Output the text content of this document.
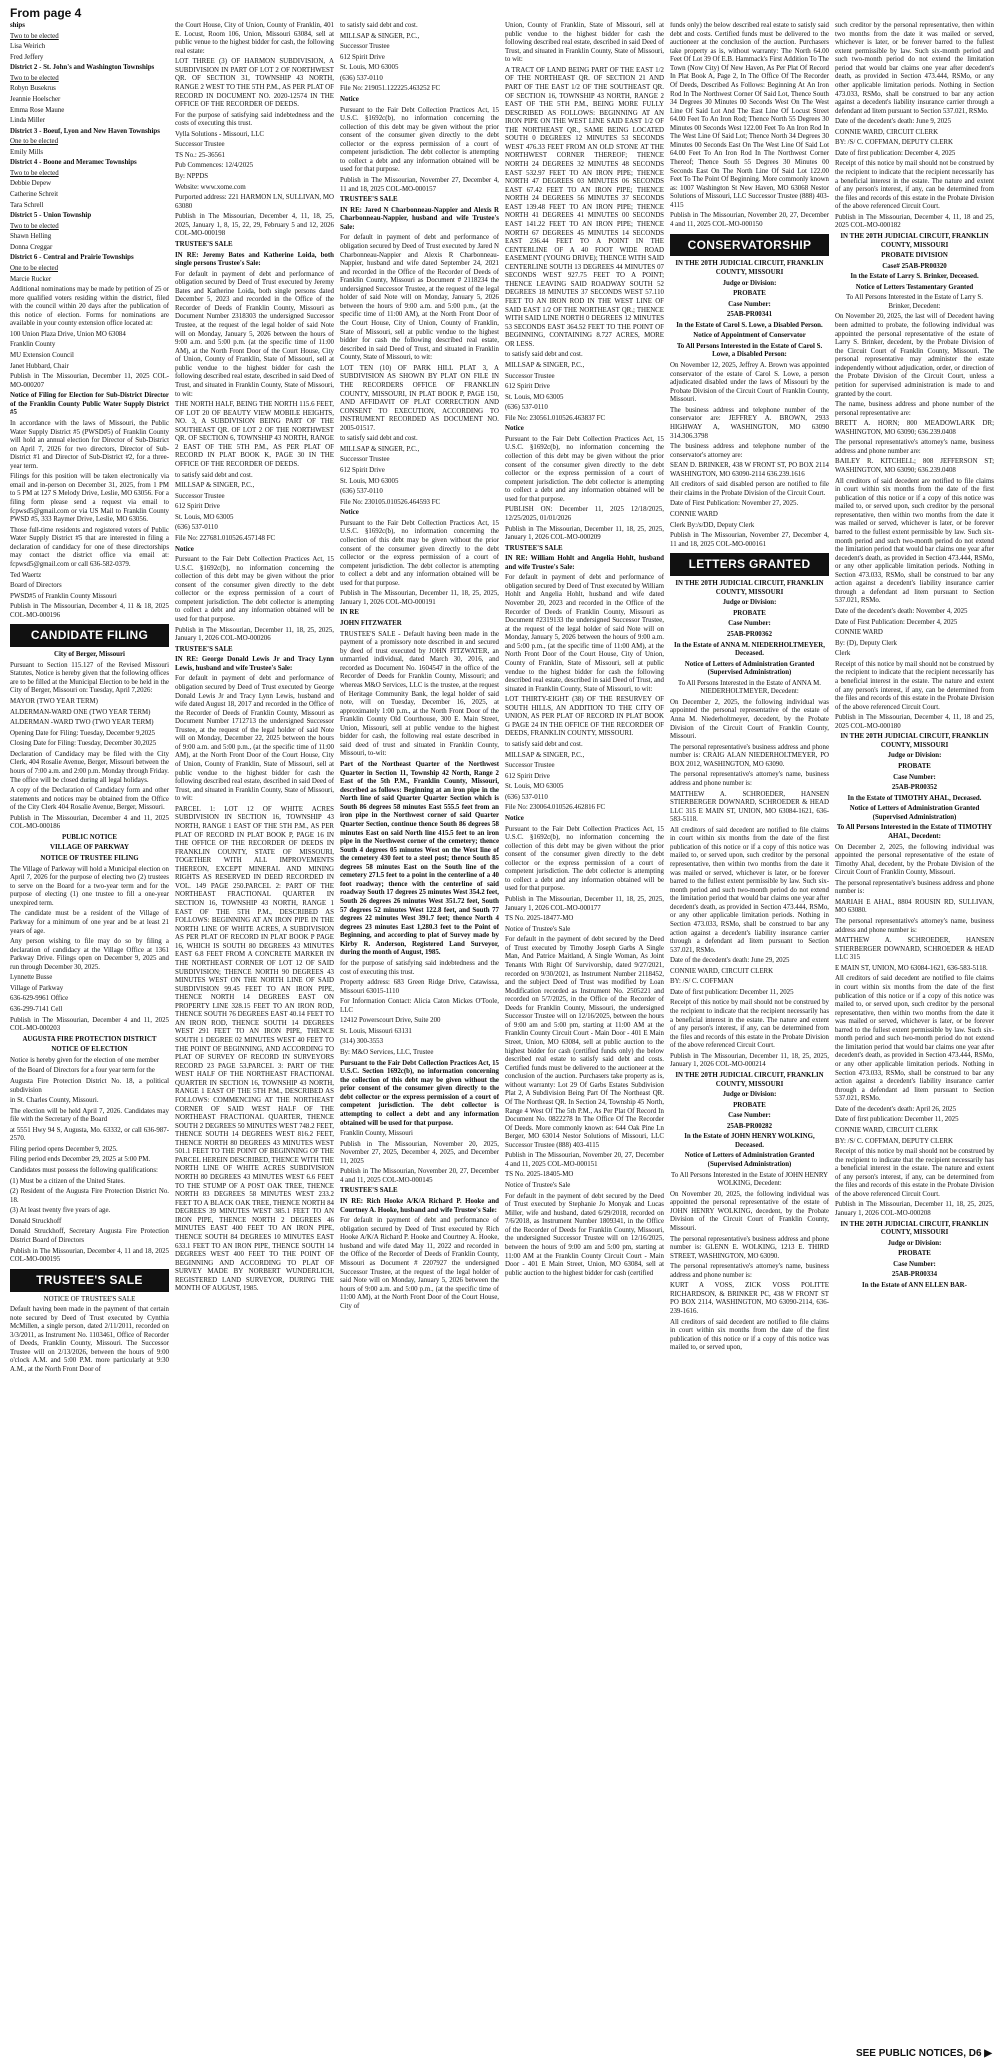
From page 4

ships

Two to be elected

Lisa Weirich

Fred Jeffery

District 2 - St. John's and Washington Townships

Two to be elected

Robyn Busekrus

Jeannie Hoelscher

Emma Rose Maune

Linda Miller

District 3 - Boeuf, Lyon and New Haven Townships

One to be elected

Emily Mills

District 4 - Boone and Meramec Townships

Two to be elected

Debbie Depew

Catherine Schreit

Tara Schrell

District 5 - Union Township

Two to be elected

Shawn Helling

Donna Creggar

District 6 - Central and Prairie Townships

One to be elected

Marcie Rucker

Additional nominations may be made by petition of 25 or more qualified voters residing within the district, filed with the council within 20 days after the publication of this notice of election. Forms for nominations are available in your county extension office located at:

100 Union Plaza Drive, Union MO 63084

Franklin County

MU Extension Council

Janet Hubbard, Chair

Publish in The Missourian, December 11, 2025 COL-MO-000207

Notice of Filing for Election for Sub-District Director of the Franklin County Public Water Supply District #5

In accordance with the laws of Missouri, the Public Water Supply District #5 (PWSD#5) of Franklin County will hold an annual election for Director of Sub-District on April 7, 2026 for two directors, Director of Sub-District #1 and Director of Sub-District #2, for a three-year term.

Filings for this position will be taken electronically via email and in-person on December 31, 2025, from 1 PM to 5 PM at 127 S Melody Drive, Leslie, MO 63056. For a filing form please send a request via email to fcpwsd5@gmail.com or via US Mail to Franklin County PWSD #5, 333 Raymer Drive, Leslie, MO 63056.

Those full-time residents and registered voters of Public Water Supply District #5 that are interested in filing a declaration of candidacy for one of these directorships may contact the district office via email at: fcpwsd5@gmail.com or call 636-582-0379.

Ted Waertz

Board of Directors

PWSD#5 of Franklin County Missouri

Publish in The Missourian, December 4, 11 & 18, 2025 COL-MO-000196

CANDIDATE FILING

City of Berger, Missouri

Pursuant to Section 115.127 of the Revised Missouri Statutes, Notice is hereby given that the following offices are to be filled at the Municipal Election to be held in the City of Berger, Missouri on: Tuesday, April 7,2026:

MAYOR (TWO YEAR TERM)

ALDERMAN-WARD ONE (TWO YEAR TERM)

ALDERMAN -WARD TWO (TWO YEAR TERM)

Opening Date for Filing: Tuesday, December 9,2025

Closing Date for Filing: Tuesday, December 30,2025

Declaration of Candidacy may be filed with the City Clerk, 404 Rosalie Avenue, Berger, Missouri between the hours of 7:00 a.m. and 2:00 p.m. Monday through Friday. The office will be closed during all legal holidays.

A copy of the Declaration of Candidacy form and other statements and notices may be obtained from the Office of the City Clerk 404 Rosalie Avenue, Berger, Missouri.

Publish in The Missourian, December 4 and 11, 2025 COL-MO-000186

PUBLIC NOTICE

VILLAGE OF PARKWAY

NOTICE OF TRUSTEE FILING

The Village of Parkway will hold a Municipal election on April 7, 2026 for the purpose of electing two (2) trustees to serve on the Board for a two-year term and for the purpose of electing (1) one trustee to fill a one-year unexpired term.

The candidate must be a resident of the Village of Parkway for a minimum of one year and be at least 21 years of age.

Any person wishing to file may do so by filing a declaration of candidacy at the Village Office at 1361 Parkway Drive. Filings open on December 9, 2025 and run through December 30, 2025.

Lynnette Busse

Village of Parkway

636-629-9961 Office

636-299-7141 Cell

Publish in The Missourian, December 4 and 11, 2025 COL-MO-000203

AUGUSTA FIRE PROTECTION DISTRICT

NOTICE OF ELECTION

Notice is hereby given for the election of one member

of the Board of Directors for a four year term for the

Augusta Fire Protection District No. 18, a political subdivision

in St. Charles County, Missouri.

The election will be held April 7, 2026. Candidates may file with the Secretary of the Board

at 5551 Hwy 94 S, Augusta, Mo. 63332, or call 636-987-2570.

Filing period opens December 9, 2025.

Filing period ends December 29, 2025 at 5:00 PM.

Candidates must possess the following qualifications:

(1) Must be a citizen of the United States.

(2) Resident of the Augusta Fire Protection District No. 18.

(3) At least twenty five years of age.

Donald Struckhoff

Donald Struckhoff, Secretary Augusta Fire Protection District Board of Directors

Publish in The Missourian, December 4, 11 and 18, 2025 COL-MO-000195

TRUSTEE'S SALE

NOTICE OF TRUSTEE'S SALE

Default having been made in the payment of that certain note secured by Deed of Trust executed by Cynthia McMillen, a single person, dated 2/11/2011, recorded on 3/3/2011, as Instrument No. 1103461, Office of Recorder of Deeds, Franklin County, Missouri. The Successor Trustee will on 2/13/2026, between the hours of 9:00 o'clock A.M. and 5:00 P.M. more particularly at 9:30 A.M., at the North Front Door of

the Court House, City of Union, County of Franklin, 401 E. Locust, Room 106, Union, Missouri 63084, sell at public venue to the highest bidder for cash, the following real estate:

LOT THREE (3) OF HARMON SUBDIVISION, A SUBDIVISION IN PART OF LOT 2 OF NORTHWEST QR. OF SECTION 31, TOWNSHIP 43 NORTH, RANGE 2 WEST TO THE 5TH P.M., AS PER PLAT OF RECORD IN DOCUMENT NO. 2020-12574 IN THE OFFICE OF THE RECORDER OF DEEDS.

For the purpose of satisfying said indebtedness and the costs of executing this trust.

Vylla Solutions - Missouri, LLC

Successor Trustee

TS No.: 25-36561

Pub Commences: 12/4/2025

By: NPPDS

Website: www.xome.com

Purported address: 221 HARMON LN, SULLIVAN, MO 63080

Publish in The Missourian, December 4, 11, 18, 25, 2025, January 1, 8, 15, 22, 29, February 5 and 12, 2026 COL-MO-000198

TRUSTEE'S SALE

IN RE: Jeremy Bates and Katherine Loida, both single persons Trustee's Sale:

For default in payment of debt and performance of obligation secured by Deed of Trust executed by Jeremy Bates and Katherine Loida, both single persons dated December 5, 2023 and recorded in the Office of the Recorder of Deeds of Franklin County, Missouri as Document Number 2318303 the undersigned Successor Trustee, at the request of the legal holder of said Note will on Monday, January 5, 2026 between the hours of 9:00 a.m. and 5:00 p.m. (at the specific time of 11:00 AM), at the North Front Door of the Court House, City of Union, County of Franklin, State of Missouri, sell at public vendue to the highest bidder for cash the following described real estate, described in said Deed of Trust, and situated in Franklin County, State of Missouri, to wit:

THE NORTH HALF, BEING THE NORTH 115.6 FEET, OF LOT 20 OF BEAUTY VIEW MOBILE HEIGHTS, NO. 3, A SUBDIVISION BEING PART OF THE SOUTHEAST QR. OF LOT 2 OF THE NORTHWEST QR. OF SECTION 6, TOWNSHIP 43 NORTH, RANGE 2 EAST OF THE 5TH P.M., AS PER PLAT OF RECORD IN PLAT BOOK K, PAGE 30 IN THE OFFICE OF THE RECORDER OF DEEDS.

to satisfy said debt and cost.

MILLSAP & SINGER, P.C.,

Successor Trustee

612 Spirit Drive

St. Louis, MO 63005

(636) 537-0110

File No: 227681.010526.457148 FC

Notice

Pursuant to the Fair Debt Collection Practices Act, 15 U.S.C. §1692c(b), no information concerning the collection of this debt may be given without the prior consent of the consumer given directly to the debt collector or the express permission of a court of competent jurisdiction. The debt collector is attempting to collect a debt and any information obtained will be used for that purpose.

Publish in The Missourian, December 11, 18, 25, 2025, January 1, 2026 COL-MO-000206

TRUSTEE'S SALE

IN RE: George Donald Lewis Jr and Tracy Lynn Lewis, husband and wife Trustee's Sale:

For default in payment of debt and performance of obligation secured by Deed of Trust executed by George Donald Lewis Jr and Tracy Lynn Lewis, husband and wife dated August 18, 2017 and recorded in the Office of the Recorder of Deeds of Franklin County, Missouri as Document Number 1712713 the undersigned Successor Trustee, at the request of the legal holder of said Note will on Monday, December 22, 2025 between the hours of 9:00 a.m. and 5:00 p.m., (at the specific time of 11:00 AM), at the North Front Door of the Court House, City of Union, County of Franklin, State of Missouri, sell at public vendue to the highest bidder for cash the following described real estate, described in said Deed of Trust, and situated in Franklin County, State of Missouri, to wit:

PARCEL 1: LOT 12 OF WHITE ACRES SUBDIVISION IN SECTION 16, TOWNSHIP 43 NORTH, RANGE 1 EAST OF THE 5TH P.M., AS PER PLAT OF RECORD IN PLAT BOOK P, PAGE 16 IN THE OFFICE OF THE RECORDER OF DEEDS IN FRANKLIN COUNTY, STATE OF MISSOURI, TOGETHER WITH ALL IMPROVEMENTS THEREON, EXCEPT MINERAL AND MINING RIGHTS AS RESERVED IN DEED RECORDED IN VOL. 149 PAGE 250.PARCEL 2: PART OF THE NORTHEAST FRACTIONAL QUARTER IN SECTION 16, TOWNSHIP 43 NORTH, RANGE 1 EAST OF THE 5TH P.M., DESCRIBED AS FOLLOWS: BEGINNING AT AN IRON PIPE IN THE NORTH LINE OF WHITE ACRES, A SUBDIVISION AS PER PLAT OF RECORD IN PLAT BOOK P PAGE 16, WHICH IS SOUTH 80 DEGREES 43 MINUTES EAST 6.8 FEET FROM A CONCRETE MARKER IN THE NORTHEAST CORNER OF LOT 12 OF SAID SUBDIVISION; THENCE NORTH 90 DEGREES 43 MINUTES WEST ON THE NORTH LINE OF SAID SUBDIVISION 99.45 FEET TO AN IRON PIPE, THENCE NORTH 14 DEGREES EAST ON PROPERTY LINE 328.15 FEET TO AN IRON ROD, THENCE SOUTH 76 DEGREES EAST 40.14 FEET TO AN IRON ROD, THENCE SOUTH 14 DEGREES WEST 291 FEET TO AN IRON PIPE, THENCE SOUTH 1 DEGREE 02 MINUTES WEST 40 FEET TO THE POINT OF BEGINNING, AND ACCORDING TO PLAT OF SURVEY OF RECORD IN SURVEYORS RECORD 23 PAGE 53.PARCEL 3: PART OF THE WEST HALF OF THE NORTHEAST FRACTIONAL QUARTER IN SECTION 16, TOWNSHIP 43 NORTH, RANGE 1 EAST OF THE 5TH P.M., DESCRIBED AS FOLLOWS: COMMENCING AT THE NORTHEAST CORNER OF SAID WEST HALF OF THE NORTHEAST FRACTIONAL QUARTER, THENCE SOUTH 2 DEGREES 50 MINUTES WEST 748.2 FEET, THENCE SOUTH 14 DEGREES WEST 816.2 FEET, THENCE NORTH 80 DEGREES 43 MINUTES WEST 501.1 FEET TO THE POINT OF BEGINNING OF THE PARCEL HEREIN DESCRIBED, THENCE WITH THE NORTH LINE OF WHITE ACRES SUBDIVISION NORTH 80 DEGREES 43 MINUTES WEST 6.6 FEET TO THE STUMP OF A POST OAK TREE, THENCE NORTH 83 DEGREES 58 MINUTES WEST 233.2 FEET TO A BLACK OAK TREE, THENCE NORTH 84 DEGREES 39 MINUTES WEST 385.1 FEET TO AN IRON PIPE, THENCE NORTH 2 DEGREES 46 MINUTES EAST 400 FEET TO AN IRON PIPE, THENCE SOUTH 84 DEGREES 10 MINUTES EAST 633.1 FEET TO AN IRON PIPE, THENCE SOUTH 14 DEGREES WEST 400 FEET TO THE POINT OF BEGINNING AND ACCORDING TO PLAT OF SURVEY MADE BY NORBERT WUNDERLICH, REGISTERED LAND SURVEYOR, DURING THE MONTH OF AUGUST, 1985.

to satisfy said debt and cost.

MILLSAP & SINGER, P.C.,

Successor Trustee

612 Spirit Drive

St. Louis, MO 63005

(636) 537-0110

File No: 219051.122225.463252 FC

Notice

Pursuant to the Fair Debt Collection Practices Act, 15 U.S.C. §1692c(b), no information concerning the collection of this debt may be given without the prior consent of the consumer given directly to the debt collector or the express permission of a court of competent jurisdiction. The debt collector is attempting to collect a debt and any information obtained will be used for that purpose.

Publish in The Missourian, November 27, December 4, 11 and 18, 2025 COL-MO-000157

TRUSTEE'S SALE

IN RE: Jared N Charbonneau-Nappier and Alexis R Charbonneau-Nappier, husband and wife Trustee's Sale:

For default in payment of debt and performance of obligation secured by Deed of Trust executed by Jared N Charbonneau-Nappier and Alexis R Charbonneau-Nappier, husband and wife dated September 24, 2021 and recorded in the Office of the Recorder of Deeds of Franklin County, Missouri as Document # 2118234 the undersigned Successor Trustee, at the request of the legal holder of said Note will on Monday, January 5, 2026 between the hours of 9:00 a.m. and 5:00 p.m., (at the specific time of 11:00 AM), at the North Front Door of the Court House, City of Union, County of Franklin, State of Missouri, sell at public vendue to the highest bidder for cash the following described real estate, described in said Deed of Trust, and situated in Franklin County, State of Missouri, to wit:

LOT TEN (10) OF PARK HILL PLAT 3, A SUBDIVISION AS SHOWN BY PLAT ON FILE IN THE RECORDERS OFFICE OF FRANKLIN COUNTY, MISSOURI, IN PLAT BOOK P, PAGE 150, AND AFFIDAVIT OF PLAT CORRECTION AND CONSENT TO EXECUTION, ACCORDING TO INSTRUMENT RECORDED AS DOCUMENT NO. 2005-01517.

to satisfy said debt and cost.

MILLSAP & SINGER, P.C.,

Successor Trustee

612 Spirit Drive

St. Louis, MO 63005

(636) 537-0110

File No: 230105.010526.464593 FC

Notice

Pursuant to the Fair Debt Collection Practices Act, 15 U.S.C. §1692c(b), no information concerning the collection of this debt may be given without the prior consent of the consumer given directly to the debt collector or the express permission of a court of competent jurisdiction. The debt collector is attempting to collect a debt and any information obtained will be used for that purpose.

Publish in The Missourian, December 11, 18, 25, 2025, January 1, 2026 COL-MO-000191

IN RE

JOHN FITZWATER

TRUSTEE'S SALE - Default having been made in the payment of a promissory note described in and secured by deed of trust executed by JOHN FITZWATER, an unmarried individual, dated March 30, 2016, and recorded as Document No. 1604547 in the office of the Recorder of Deeds for Franklin County, Missouri; and whereas M&O Services, LLC is the trustee, at the request of Heritage Community Bank, the legal holder of said note, will on Tuesday, December 16, 2025, at approximately 1:00 p.m., at the North Front Door of the Franklin County Old Courthouse, 300 E. Main Street, Union, Missouri, sell at public vendue to the highest bidder for cash, the following real estate described in said deed of trust and situated in Franklin County, Missouri, to-wit:

Part of the Northeast Quarter of the Northwest Quarter in Section 11, Township 42 North, Range 2 East of the 5th P.M., Franklin County, Missouri, described as follows: Beginning at an iron pipe in the North line of said Quarter Quarter Section which is South 86 degrees 58 minutes East 555.5 feet from an iron pipe in the Northwest corner of said Quarter Quarter Section, continue thence South 86 degrees 58 minutes East on said North line 415.5 feet to an iron pipe in the Northwest corner of the cemetery; thence South 4 degrees 05 minutes West on the West line of the cemetery 430 feet to a steel post; thence South 85 degrees 58 minutes East on the South line of the cemetery 271.5 feet to a point in the centerline of a 40 foot roadway; thence with the centerline of said roadway South 17 degrees 25 minutes West 354.2 feet, South 26 degrees 26 minutes West 351.72 feet, South 57 degrees 52 minutes West 122.8 feet, and South 77 degrees 22 minutes West 391.7 feet; thence North 4 degrees 23 minutes East 1,280.3 feet to the Point of Beginning, and according to plat of Survey made by Kirby R. Anderson, Registered Land Surveyor, during the month of August, 1985.

for the purpose of satisfying said indebtedness and the cost of executing this trust.

Property address: 683 Green Ridge Drive, Catawissa, Missouri 63015-1110

For Information Contact: Alicia Caton Mickes O'Toole, LLC

12412 Powerscourt Drive, Suite 200

St. Louis, Missouri 63131

(314) 300-3553

By: M&O Services, LLC, Trustee

Pursuant to the Fair Debt Collection Practices Act, 15 U.S.C. Section 1692c(b), no information concerning the collection of this debt may be given without the prior consent of the consumer given directly to the debt collector or the express permission of a court of competent jurisdiction. The debt collector is attempting to collect a debt and any information obtained will be used for that purpose.

Franklin County, Missouri

Publish in The Missourian, November 20, 2025, November 27, 2025, December 4, 2025, and December 11, 2025

Publish in The Missourian, November 20, 27, December 4 and 11, 2025 COL-MO-000145

TRUSTEE'S SALE

IN RE: Rich Hooke A/K/A Richard P. Hooke and Courtney A. Hooke, husband and wife Trustee's Sale:

For default in payment of debt and performance of obligation secured by Deed of Trust executed by Rich Hooke A/K/A Richard P. Hooke and Courtney A. Hooke, husband and wife dated May 11, 2022 and recorded in the Office of the Recorder of Deeds of Franklin County, Missouri as Document # 2207927 the undersigned Successor Trustee, at the request of the legal holder of said Note will on Monday, January 5, 2026 between the hours of 9:00 a.m. and 5:00 p.m., (at the specific time of 11:00 AM), at the North Front Door of the Court House, City of

Union, County of Franklin, State of Missouri, sell at public vendue to the highest bidder for cash the following described real estate, described in said Deed of Trust, and situated in Franklin County, State of Missouri, to wit:

A TRACT OF LAND BEING PART OF THE EAST 1/2 OF THE NORTHEAST QR. OF SECTION 21 AND PART OF THE EAST 1/2 OF THE SOUTHEAST QR. OF SECTION 16, TOWNSHIP 43 NORTH, RANGE 2 EAST OF THE 5TH P.M., BEING MORE FULLY DESCRIBED AS FOLLOWS: BEGINNING AT AN IRON PIPE ON THE WEST LINE SAID EAST 1/2 OF THE NORTHEAST QR., SAME BEING LOCATED SOUTH 0 DEGREES 12 MINUTES 53 SECONDS WEST 476.33 FEET FROM AN OLD STONE AT THE NORTHWEST CORNER THEREOF; THENCE NORTH 24 DEGREES 32 MINUTES 48 SECONDS EAST 532.97 FEET TO AN IRON PIPE; THENCE NORTH 47 DEGREES 03 MINUTES 06 SECONDS EAST 67.42 FEET TO AN IRON PIPE; THENCE NORTH 24 DEGREES 56 MINUTES 37 SECONDS EAST 139.48 FEET TO AN IRON PIPE; THENCE NORTH 41 DEGREES 41 MINUTES 00 SECONDS EAST 141.22 FEET TO AN IRON PIPE; THENCE NORTH 67 DEGREES 45 MINUTES 14 SECONDS EAST 236.44 FEET TO A POINT IN THE CENTERLINE OF A 40 FOOT WIDE ROAD EASEMENT (YOUNG DRIVE); THENCE WITH SAID CENTERLINE SOUTH 13 DEGREES 44 MINUTES 07 SECONDS WEST 927.75 FEET TO A POINT; THENCE LEAVING SAID ROADWAY SOUTH 52 DEGREES 18 MINUTES 37 SECONDS WEST 57.110 FEET TO AN IRON ROD IN THE WEST LINE OF SAID EAST 1/2 OF THE NORTHEAST QR.; THENCE WITH SAID LINE NORTH 0 DEGREES 12 MINUTES 53 SECONDS EAST 364.52 FEET TO THE POINT OF BEGINNING, CONTAINING 8.727 ACRES, MORE OR LESS.

to satisfy said debt and cost.

MILLSAP & SINGER, P.C.,

Successor Trustee

612 Spirit Drive

St. Louis, MO 63005

(636) 537-0110

File No: 230561.010526.463837 FC

Notice

Pursuant to the Fair Debt Collection Practices Act, 15 U.S.C. §1692c(b), no information concerning the collection of this debt may be given without the prior consent of the consumer given directly to the debt collector or the express permission of a court of competent jurisdiction. The debt collector is attempting to collect a debt and any information obtained will be used for that purpose.

PUBLISH ON: December 11, 2025 12/18/2025, 12/25/2025, 01/01/2026

Publish in The Missourian, December 11, 18, 25, 2025, January 1, 2026 COL-MO-000209

TRUSTEE'S SALE

IN RE: William Hohlt and Angelia Hohlt, husband and wife Trustee's Sale:

For default in payment of debt and performance of obligation secured by Deed of Trust executed by William Hohlt and Angelia Hohlt, husband and wife dated November 20, 2023 and recorded in the Office of the Recorder of Deeds of Franklin County, Missouri as Document #2319133 the undersigned Successor Trustee, at the request of the legal holder of said Note will on Monday, January 5, 2026 between the hours of 9:00 a.m. and 5:00 p.m., (at the specific time of 11:00 AM), at the North Front Door of the Court House, City of Union, County of Franklin, State of Missouri, sell at public vendue to the highest bidder for cash the following described real estate, described in said Deed of Trust, and situated in Franklin County, State of Missouri, to wit:

LOT THIRTY-EIGHT (38) OF THE RESURVEY OF SOUTH HILLS, AN ADDITION TO THE CITY OF UNION, AS PER PLAT OF RECORD IN PLAT BOOK G PAGE 24 IN THE OFFICE OF THE RECORDER OF DEEDS, FRANKLIN COUNTY, MISSOURI.

to satisfy said debt and cost.

MILLSAP & SINGER, P.C.,

Successor Trustee

612 Spirit Drive

St. Louis, MO 63005

(636) 537-0110

File No: 230064.010526.462816 FC

Notice

Pursuant to the Fair Debt Collection Practices Act, 15 U.S.C. §1692c(b), no information concerning the collection of this debt may be given without the prior consent of the consumer given directly to the debt collector or the express permission of a court of competent jurisdiction. The debt collector is attempting to collect a debt and any information obtained will be used for that purpose.

Publish in The Missourian, December 11, 18, 25, 2025, January 1, 2026 COL-MO-000177

TS No. 2025-18477-MO

Notice of Trustee's Sale

For default in the payment of debt secured by the Deed of Trust executed by Timothy Joseph Garbs A Single Man, And Patrice Maitland, A Single Woman, As Joint Tenants With Right Of Survivorship, dated 9/27/2021, recorded on 9/30/2021, as Instrument Number 2118452, and the subject Deed of Trust was modified by Loan Modification recorded as Instrument No. 2505221 and recorded on 5/7/2025, in the Office of the Recorder of Deeds for Franklin County, Missouri, the undersigned Successor Trustee will on 12/16/2025, between the hours of 9:00 am and 5:00 pm, starting at 11:00 AM at the Franklin County Circuit Court - Main Door - 401 E Main Street, Union, MO 63084, sell at public auction to the highest bidder for cash (certified funds only) the below described real estate to satisfy said debt and costs. Certified funds must be delivered to the auctioneer at the conclusion of the auction. Purchasers take property as is, without warranty: Lot 29 Of Garbs Estates Subdivision Plat 2, A Subdivision Being Part Of The Northeast QR. Of The Northeast QR. In Section 24, Township 45 North, Range 4 West Of The 5th P.M., As Per Plat Of Record In Document No. 0822278 In The Office Of The Recorder Of Deeds. More commonly known as: 644 Oak Pine Ln Berger, MO 63014 Nestor Solutions of Missouri, LLC Successor Trustee (888) 403-4115

Publish in The Missourian, November 20, 27, December 4 and 11, 2025 COL-MO-000151

TS No. 2025-18405-MO

Notice of Trustee's Sale

For default in the payment of debt secured by the Deed of Trust executed by Stephanie Jo Monyak and Lucas Miller, wife and husband, dated 6/29/2018, recorded on 7/6/2018, as Instrument Number 1809341, in the Office of the Recorder of Deeds for Franklin County, Missouri, the undersigned Successor Trustee will on 12/16/2025, between the hours of 9:00 am and 5:00 pm, starting at 11:00 AM at the Franklin County Circuit Court - Main Door - 401 E Main Street, Union, MO 63084, sell at public auction to the highest bidder for cash (certified

funds only) the below described real estate to satisfy said debt and costs. Certified funds must be delivered to the auctioneer at the conclusion of the auction. Purchasers take property as is, without warranty: The North 64.00 Feet Of Lot 39 Of E.B. Hammack's First Addition To The Town (Now City) Of New Haven, As Per Plat Of Record In Plat Book A, Page 2, In The Office Of The Recorder Of Deeds, Described As Follows: Beginning At An Iron Rod In The Northwest Corner Of Said Lot, Thence South 34 Degrees 30 Minutes 00 Seconds West On The West Line Of Said Lot And The East Line Of Locust Street 64.00 Feet To An Iron Rod; Thence North 55 Degrees 30 Minutes 00 Seconds West 122.00 Feet To An Iron Rod In The West Line Of Said Lot; Thence North 34 Degrees 30 Minutes 00 Seconds East On The West Line Of Said Lot 64.00 Feet To An Iron Rod In The Northwest Corner Thereof; Thence South 55 Degrees 30 Minutes 00 Seconds East On The North Line Of Said Lot 122.00 Feet To The Point Of Beginning. More commonly known as: 1007 Washington St New Haven, MO 63068 Nestor Solutions of Missouri, LLC Successor Trustee (888) 403-4115

Publish in The Missourian, November 20, 27, December 4 and 11, 2025 COL-MO-000150

CONSERVATORSHIP

IN THE 20TH JUDICIAL CIRCUIT, FRANKLIN COUNTY, MISSOURI

Judge or Division:

PROBATE

Case Number:

25AB-PR00341

In the Estate of Carol S. Lowe, a Disabled Person.

Notice of Appointment of Conservator

To All Persons Interested in the Estate of Carol S. Lowe, a Disabled Person:

On November 12, 2025, Jeffrey A. Brown was appointed conservator of the estate of Carol S. Lowe, a person adjudicated disabled under the laws of Missouri by the Probate Division of the Circuit Court of Franklin County, Missouri.

The business address and telephone number of the conservator are: JEFFREY A. BROWN, 2933 HIGHWAY A, WASHINGTON, MO 63090 314.306.3798

The business address and telephone number of the conservator's attorney are:

SEAN D. BRINKER, 438 W FRONT ST, PO BOX 2114 WASHINGTON, MO 63090-2114 636.239.1616

All creditors of said disabled person are notified to file their claims in the Probate Division of the Circuit Court.

Date of First Publication: November 27, 2025.

CONNIE WARD

Clerk By:/s/DD, Deputy Clerk

Publish in The Missourian, November 27, December 4, 11 and 18, 2025 COL-MO-000161

LETTERS GRANTED

IN THE 20TH JUDICIAL CIRCUIT, FRANKLIN COUNTY, MISSOURI

Judge or Division:

PROBATE

Case Number:

25AB-PR00362

In the Estate of ANNA M. NIEDERHOLTMEYER, Deceased.

Notice of Letters of Administration Granted (Supervised Administration)

To All Persons Interested in the Estate of ANNA M. NIEDERHOLTMEYER, Decedent:

On December 2, 2025, the following individual was appointed the personal representative of the estate of Anna M. Niederholtmeyer, decedent, by the Probate Division of the Circuit Court of Franklin County, Missouri.

The personal representative's business address and phone number is: CRAIG ALAN NIEDERHOLTMEYER, PO BOX 2012, WASHINGTON, MO 63090.

The personal representative's attorney's name, business address and phone number is:

MATTHEW A. SCHROEDER, HANSEN STIERBERGER DOWNARD, SCHROEDER & HEAD LLC 315 E MAIN ST, UNION, MO 63084-1621, 636-583-5118.

All creditors of said decedent are notified to file claims in court within six months from the date of the first publication of this notice or if a copy of this notice was mailed to, or served upon, such creditor by the personal representative, then within two months from the date it was mailed or served, whichever is later, or be forever barred to the fullest extent permissible by law. Such six-month period and such two-month period do not extend the limitation period that would bar claims one year after decedent's death, as provided in Section 473.444, RSMo, or any other applicable limitation periods. Nothing in Section 473.033, RSMo, shall be construed to bar any action against a decedent's liability insurance carrier through a defendant ad litem pursuant to Section 537.021, RSMo.

Date of the decedent's death: June 29, 2025

CONNIE WARD, CIRCUIT CLERK

BY: /S/ C. COFFMAN

Date of first publication: December 11, 2025

Receipt of this notice by mail should not be construed by the recipient to indicate that the recipient necessarily has a beneficial interest in the estate. The nature and extent of any person's interest, if any, can be determined from the files and records of this estate in the Probate Division of the above referenced Circuit Court.

Publish in The Missourian, December 11, 18, 25, 2025, January 1, 2026 COL-MO-000214

IN THE 20TH JUDICIAL CIRCUIT, FRANKLIN COUNTY, MISSOURI

Judge or Division:

PROBATE

Case Number:

25AB-PR00282

In the Estate of JOHN HENRY WOLKING, Deceased.

Notice of Letters of Administration Granted (Supervised Administration)

To All Persons Interested in the Estate of JOHN HENRY WOLKING, Decedent:

On November 20, 2025, the following individual was appointed the personal representative of the estate of JOHN HENRY WOLKING, decedent, by the Probate Division of the Circuit Court of Franklin County, Missouri.

The personal representative's business address and phone number is: GLENN E. WOLKING, 1213 E. THIRD STREET, WASHINGTON, MO 63090.

The personal representative's attorney's name, business address and phone number is:

KURT A VOSS, ZICK VOSS POLITTE RICHARDSON, & BRINKER PC, 438 W FRONT ST PO BOX 2114, WASHINGTON, MO 63090-2114, 636-239-1616.

All creditors of said decedent are notified to file claims in court within six months from the date of the first publication of this notice or if a copy of this notice was mailed to, or served upon,

such creditor by the personal representative, then within two months from the date it was mailed or served, whichever is later, or be forever barred to the fullest extent permissible by law. Such six-month period and such two-month period do not extend the limitation period that would bar claims one year after decedent's death, as provided in Section 473.444, RSMo, or any other applicable limitation periods. Nothing in Section 473.033, RSMo, shall be construed to bar any action against a decedent's liability insurance carrier through a defendant ad litem pursuant to Section 537.021, RSMo.

Date of the decedent's death: June 9, 2025

CONNIE WARD, CIRCUIT CLERK

BY: /S/ C. COFFMAN, DEPUTY CLERK

Date of first publication: December 4, 2025

Receipt of this notice by mail should not be construed by the recipient to indicate that the recipient necessarily has a beneficial interest in the estate. The nature and extent of any person's interest, if any, can be determined from the files and records of this estate in the Probate Division of the above referenced Circuit Court.

Publish in The Missourian, December 4, 11, 18 and 25, 2025 COL-MO-000182

IN THE 20TH JUDICIAL CIRCUIT, FRANKLIN COUNTY, MISSOURI

PROBATE DIVISION

Case# 25AB-PR00320

In the Estate of Larry S. Brinker, Deceased.

Notice of Letters Testamentary Granted

To All Persons Interested in the Estate of Larry S. Brinker, Decedent:

On November 20, 2025, the last will of Decedent having been admitted to probate, the following individual was appointed the personal representative of the estate of Larry S. Brinker, decedent, by the Probate Division of the Circuit Court of Franklin County, Missouri. The personal representative may administer the estate independently without adjudication, order, or direction of the Probate Division of the Circuit Court, unless a petition for supervised administration is made to and granted by the court.

The name, business address and phone number of the personal representative are:

BRETT A. HORN; 800 MEADOWLARK DR; WASHINGTON, MO 63090; 636.239.0408

The personal representative's attorney's name, business address and phone number are:

BAILEY R. KITCHELL; 808 JEFFERSON ST; WASHINGTON, MO 63090; 636.239.0408

All creditors of said decedent are notified to file claims in court within six months from the date of the first publication of this notice or if a copy of this notice was mailed to, or served upon, such creditor by the personal representative, then within two months from the date it was mailed or served, whichever is later, or be forever barred to the fullest extent permissible by law. Such six-month period and such two-month period do not extend the limitation period that would bar claims one year after decedent's death, as provided in Section 473.444, RSMo, or any other applicable limitation periods. Nothing in Section 473.033, RSMo, shall be construed to bar any action against a decedent's liability insurance carrier through a defendant ad litem pursuant to Section 537.021, RSMo.

Date of the decedent's death: November 4, 2025

Date of First Publication: December 4, 2025

CONNIE WARD

By: (D), Deputy Clerk

Clerk

Receipt of this notice by mail should not be construed by the recipient to indicate that the recipient necessarily has a beneficial interest in the estate. The nature and extent of any person's interest, if any, can be determined from the files and records of this estate in the Probate Division of the above referenced Circuit Court.

Publish in The Missourian, December 4, 11, 18 and 25, 2025 COL-MO-000180

IN THE 20TH JUDICIAL CIRCUIT, FRANKLIN COUNTY, MISSOURI

Judge or Division:

PROBATE

Case Number:

25AB-PR00352

In the Estate of TIMOTHY AHAL, Deceased.

Notice of Letters of Administration Granted (Supervised Administration)

To All Persons Interested in the Estate of TIMOTHY AHAL, Decedent:

On December 2, 2025, the following individual was appointed the personal representative of the estate of Timothy Ahal, decedent, by the Probate Division of the Circuit Court of Franklin County, Missouri.

The personal representative's business address and phone number is:

MARIAH E AHAL, 8804 ROUSIN RD, SULLIVAN, MO 63080.

The personal representative's attorney's name, business address and phone number is:

MATTHEW A. SCHROEDER, HANSEN STIERBERGER DOWNARD, SCHROEDER & HEAD LLC 315

E MAIN ST, UNION, MO 63084-1621, 636-583-5118.

All creditors of said decedent are notified to file claims in court within six months from the date of the first publication of this notice or if a copy of this notice was mailed to, or served upon, such creditor by the personal representative, then within two months from the date it was mailed or served, whichever is later, or be forever barred to the fullest extent permissible by law. Such six-month period and such two-month period do not extend the limitation period that would bar claims one year after decedent's death, as provided in Section 473.444, RSMo, or any other applicable limitation periods. Nothing in Section 473.033, RSMo, shall be construed to bar any action against a decedent's liability insurance carrier through a defendant ad litem pursuant to Section 537.021, RSMo.

Date of the decedent's death: April 26, 2025

Date of first publication: December 11, 2025

CONNIE WARD, CIRCUIT CLERK

BY: /S/ C. COFFMAN, DEPUTY CLERK

Receipt of this notice by mail should not be construed by the recipient to indicate that the recipient necessarily has a beneficial interest in the estate. The nature and extent of any person's interest, if any, can be determined from the files and records of this estate in the Probate Division of the above referenced Circuit Court.

Publish in The Missourian, December 11, 18, 25, 2025, January 1, 2026 COL-MO-000208

IN THE 20TH JUDICIAL CIRCUIT, FRANKLIN COUNTY, MISSOURI

Judge or Division:

PROBATE

Case Number:

25AB-PR00334

In the Estate of ANN ELLEN BAR-

SEE PUBLIC NOTICES, D6 ▶
